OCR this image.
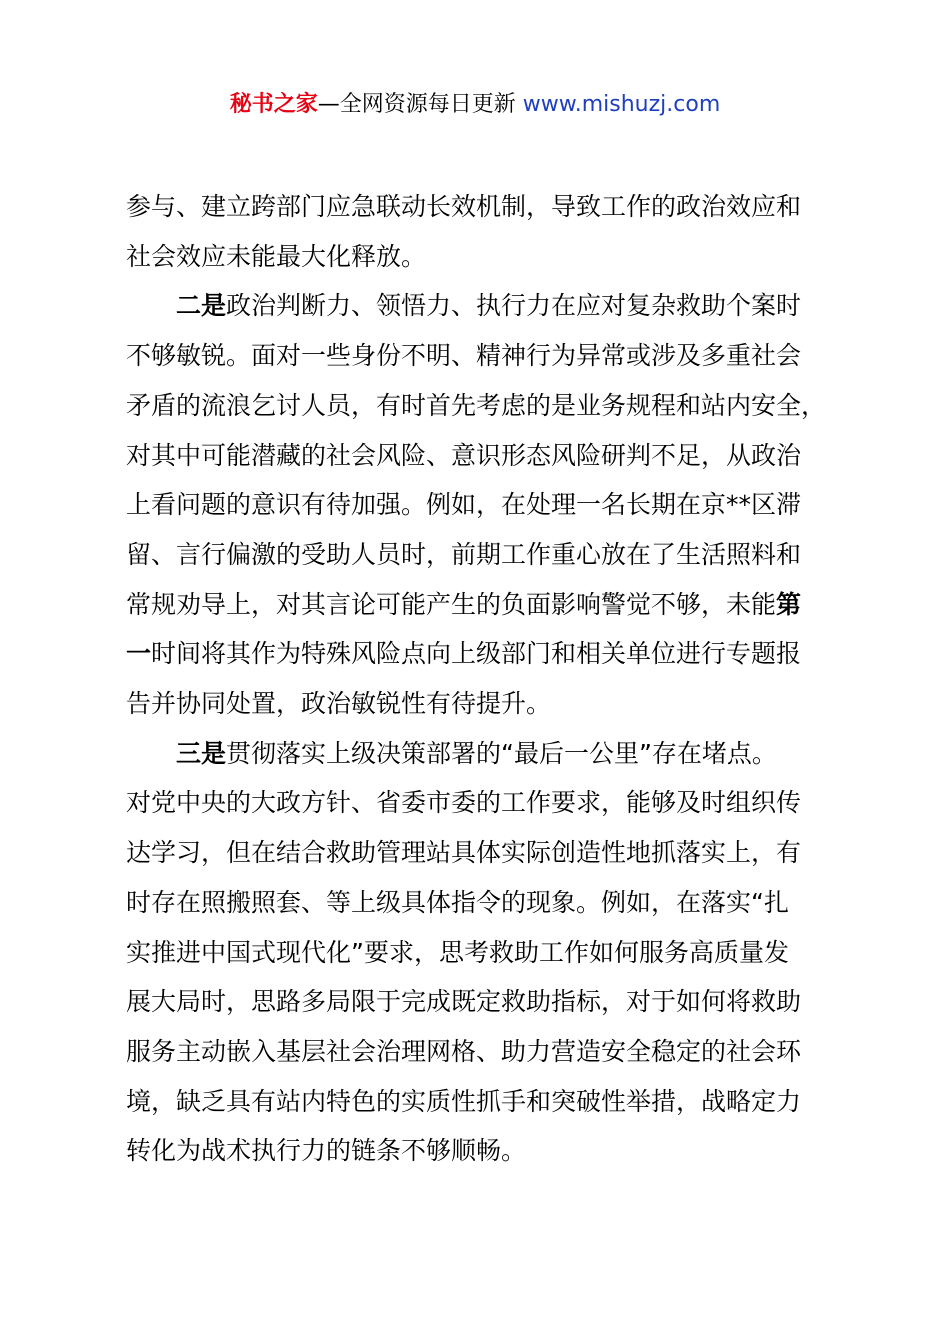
秘书之家—全网资源每日更新 www.mishuzj.com
参与、建立跨部门应急联动长效机制，导致工作的政治效应和
社会效应未能最大化释放。
二是政治判断力、领悟力、执行力在应对复杂救助个案时
不够敏锐。面对一些身份不明、精神行为异常或涉及多重社会
矛盾的流浪乞讨人员，有时首先考虑的是业务规程和站内安全，
对其中可能潜藏的社会风险、意识形态风险研判不足，从政治
上看问题的意识有待加强。例如，在处理一名长期在京**区滞
留、言行偏激的受助人员时，前期工作重心放在了生活照料和
常规劝导上，对其言论可能产生的负面影响警觉不够，未能第
一时间将其作为特殊风险点向上级部门和相关单位进行专题报
告并协同处置，政治敏锐性有待提升。
三是贯彻落实上级决策部署的“最后一公里”存在堵点。
对党中央的大政方针、省委市委的工作要求，能够及时组织传
达学习，但在结合救助管理站具体实际创造性地抓落实上，有
时存在照搬照套、等上级具体指令的现象。例如，在落实“扎
实推进中国式现代化”要求，思考救助工作如何服务高质量发
展大局时，思路多局限于完成既定救助指标，对于如何将救助
服务主动嵌入基层社会治理网格、助力营造安全稳定的社会环
境，缺乏具有站内特色的实质性抓手和突破性举措，战略定力
转化为战术执行力的链条不够顺畅。
